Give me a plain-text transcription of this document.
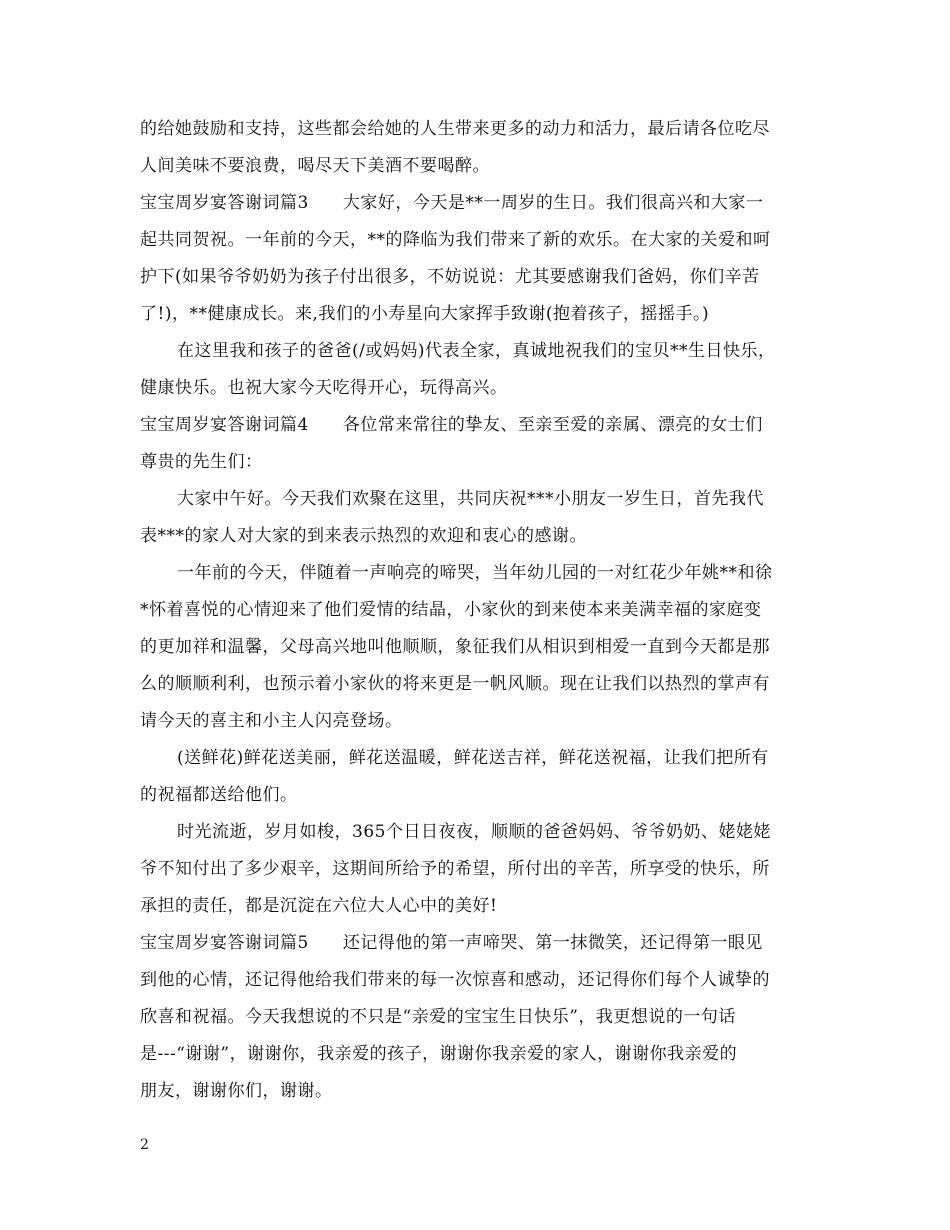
的给她鼓励和支持，这些都会给她的人生带来更多的动力和活力，最后请各位吃尽
人间美味不要浪费，喝尽天下美酒不要喝醉。
宝宝周岁宴答谢词篇3 大家好，今天是**一周岁的生日。我们很高兴和大家一
起共同贺祝。一年前的今天，**的降临为我们带来了新的欢乐。在大家的关爱和呵
护下(如果爷爷奶奶为孩子付出很多，不妨说说：尤其要感谢我们爸妈，你们辛苦
了!)，**健康成长。来,我们的小寿星向大家挥手致谢(抱着孩子，摇摇手。)
在这里我和孩子的爸爸(/或妈妈)代表全家，真诚地祝我们的宝贝**生日快乐，
健康快乐。也祝大家今天吃得开心，玩得高兴。
宝宝周岁宴答谢词篇4 各位常来常往的挚友、至亲至爱的亲属、漂亮的女士们
尊贵的先生们：
大家中午好。今天我们欢聚在这里，共同庆祝***小朋友一岁生日，首先我代
表***的家人对大家的到来表示热烈的欢迎和衷心的感谢。
一年前的今天，伴随着一声响亮的啼哭，当年幼儿园的一对红花少年姚**和徐
*怀着喜悦的心情迎来了他们爱情的结晶，小家伙的到来使本来美满幸福的家庭变
的更加祥和温馨，父母高兴地叫他顺顺，象征我们从相识到相爱一直到今天都是那
么的顺顺利利，也预示着小家伙的将来更是一帆风顺。现在让我们以热烈的掌声有
请今天的喜主和小主人闪亮登场。
(送鲜花)鲜花送美丽，鲜花送温暖，鲜花送吉祥，鲜花送祝福，让我们把所有
的祝福都送给他们。
时光流逝，岁月如梭，365个日日夜夜，顺顺的爸爸妈妈、爷爷奶奶、姥姥姥
爷不知付出了多少艰辛，这期间所给予的希望，所付出的辛苦，所享受的快乐，所
承担的责任，都是沉淀在六位大人心中的美好!
宝宝周岁宴答谢词篇5 还记得他的第一声啼哭、第一抹微笑，还记得第一眼见
到他的心情，还记得他给我们带来的每一次惊喜和感动，还记得你们每个人诚挚的
欣喜和祝福。今天我想说的不只是“亲爱的宝宝生日快乐”，我更想说的一句话
是---“谢谢”，谢谢你，我亲爱的孩子，谢谢你我亲爱的家人，谢谢你我亲爱的
朋友，谢谢你们，谢谢。
2
